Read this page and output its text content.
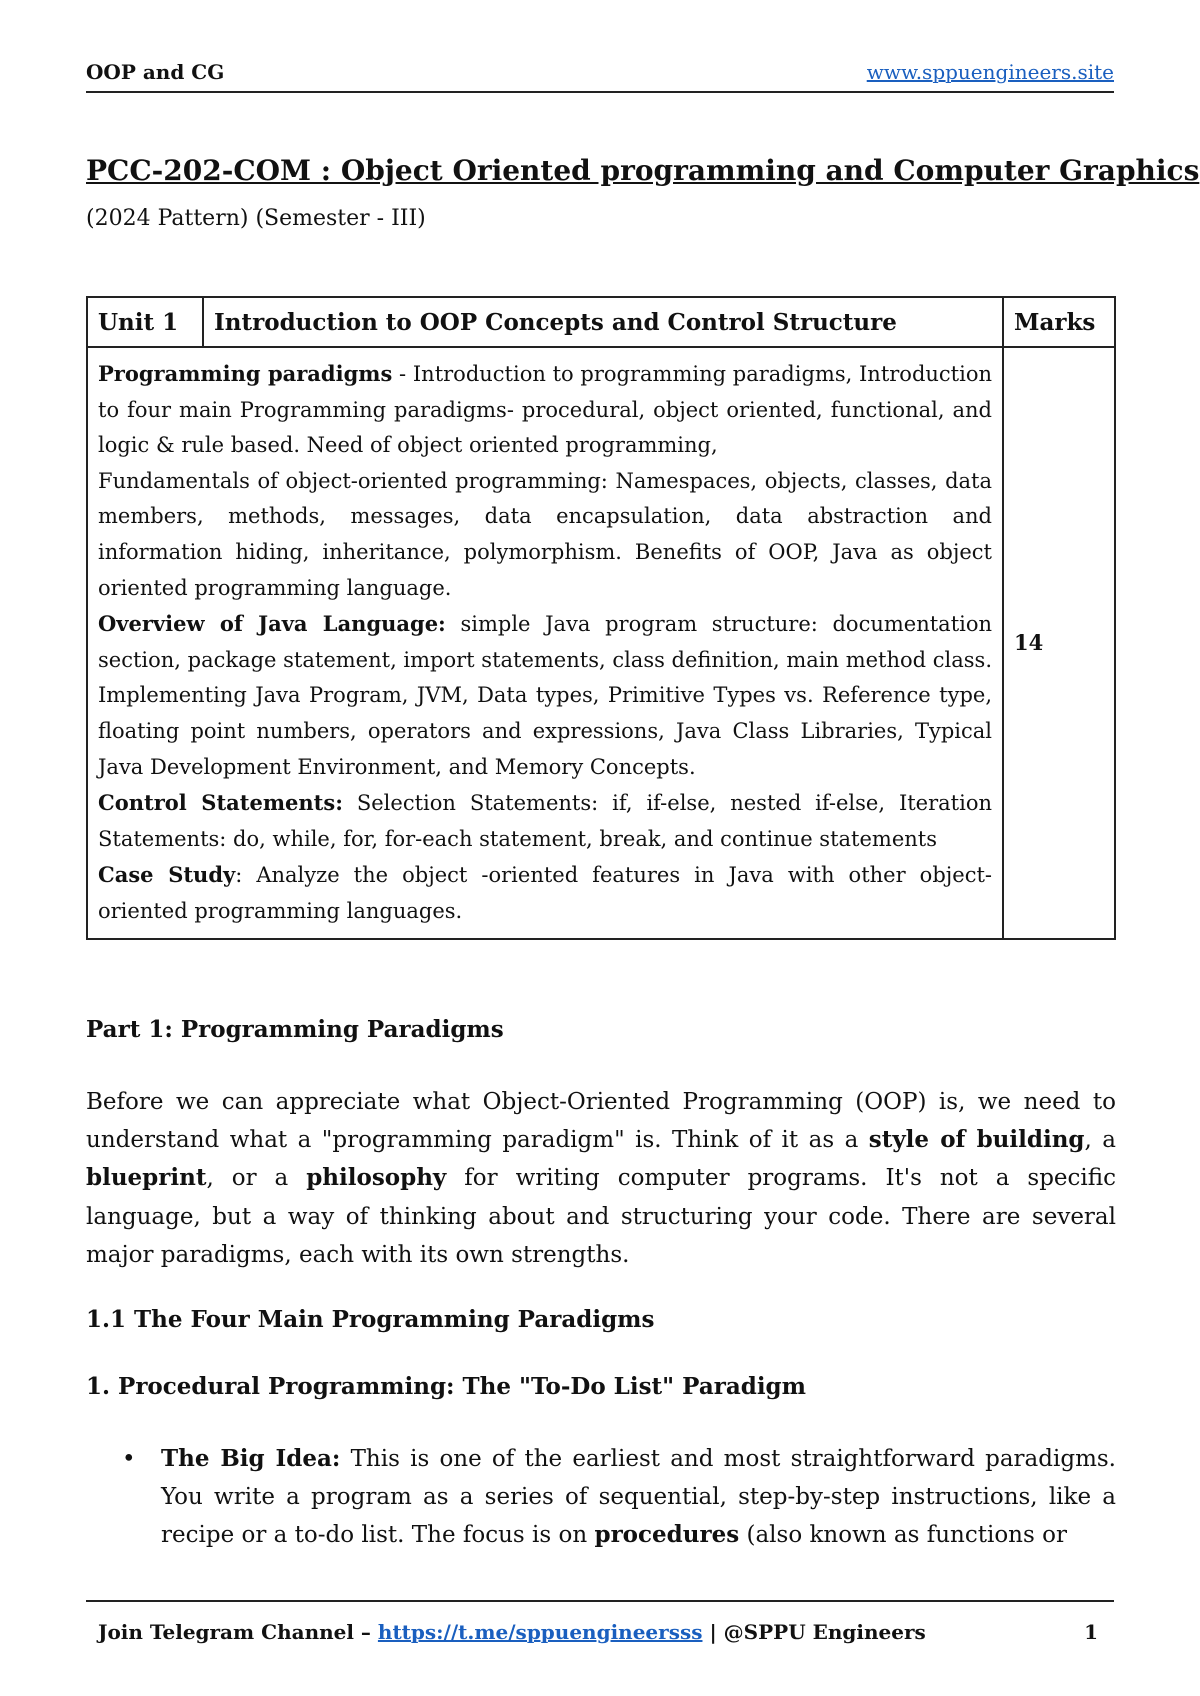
OOP and CG	www.sppuengineers.site
PCC-202-COM : Object Oriented programming and Computer Graphics
(2024 Pattern) (Semester - III)
Unit 1	Introduction to OOP Concepts and Control Structure	Marks

Programming paradigms - Introduction to programming paradigms, Introduction to four main Programming paradigms- procedural, object oriented, functional, and logic & rule based. Need of object oriented programming,

Fundamentals of object-oriented programming: Namespaces, objects, classes, data members, methods, messages, data encapsulation, data abstraction and information hiding, inheritance, polymorphism. Benefits of OOP, Java as object oriented programming language.

Overview of Java Language: simple Java program structure: documentation section, package statement, import statements, class definition, main method class. Implementing Java Program, JVM, Data types, Primitive Types vs. Reference type, floating point numbers, operators and expressions, Java Class Libraries, Typical Java Development Environment, and Memory Concepts.

Control Statements: Selection Statements: if, if-else, nested if-else, Iteration Statements: do, while, for, for-each statement, break, and continue statements

Case Study: Analyze the object -oriented features in Java with other object-oriented programming languages.		14
Part 1: Programming Paradigms

Before we can appreciate what Object-Oriented Programming (OOP) is, we need to understand what a "programming paradigm" is. Think of it as a style of building, a blueprint, or a philosophy for writing computer programs. It's not a specific language, but a way of thinking about and structuring your code. There are several major paradigms, each with its own strengths.

1.1 The Four Main Programming Paradigms
1. Procedural Programming: The "To-Do List" Paradigm
• The Big Idea: This is one of the earliest and most straightforward paradigms. You write a program as a series of sequential, step-by-step instructions, like a recipe or a to-do list. The focus is on procedures (also known as functions or

Join Telegram Channel – https://t.me/sppuengineersss | @SPPU Engineers	1
